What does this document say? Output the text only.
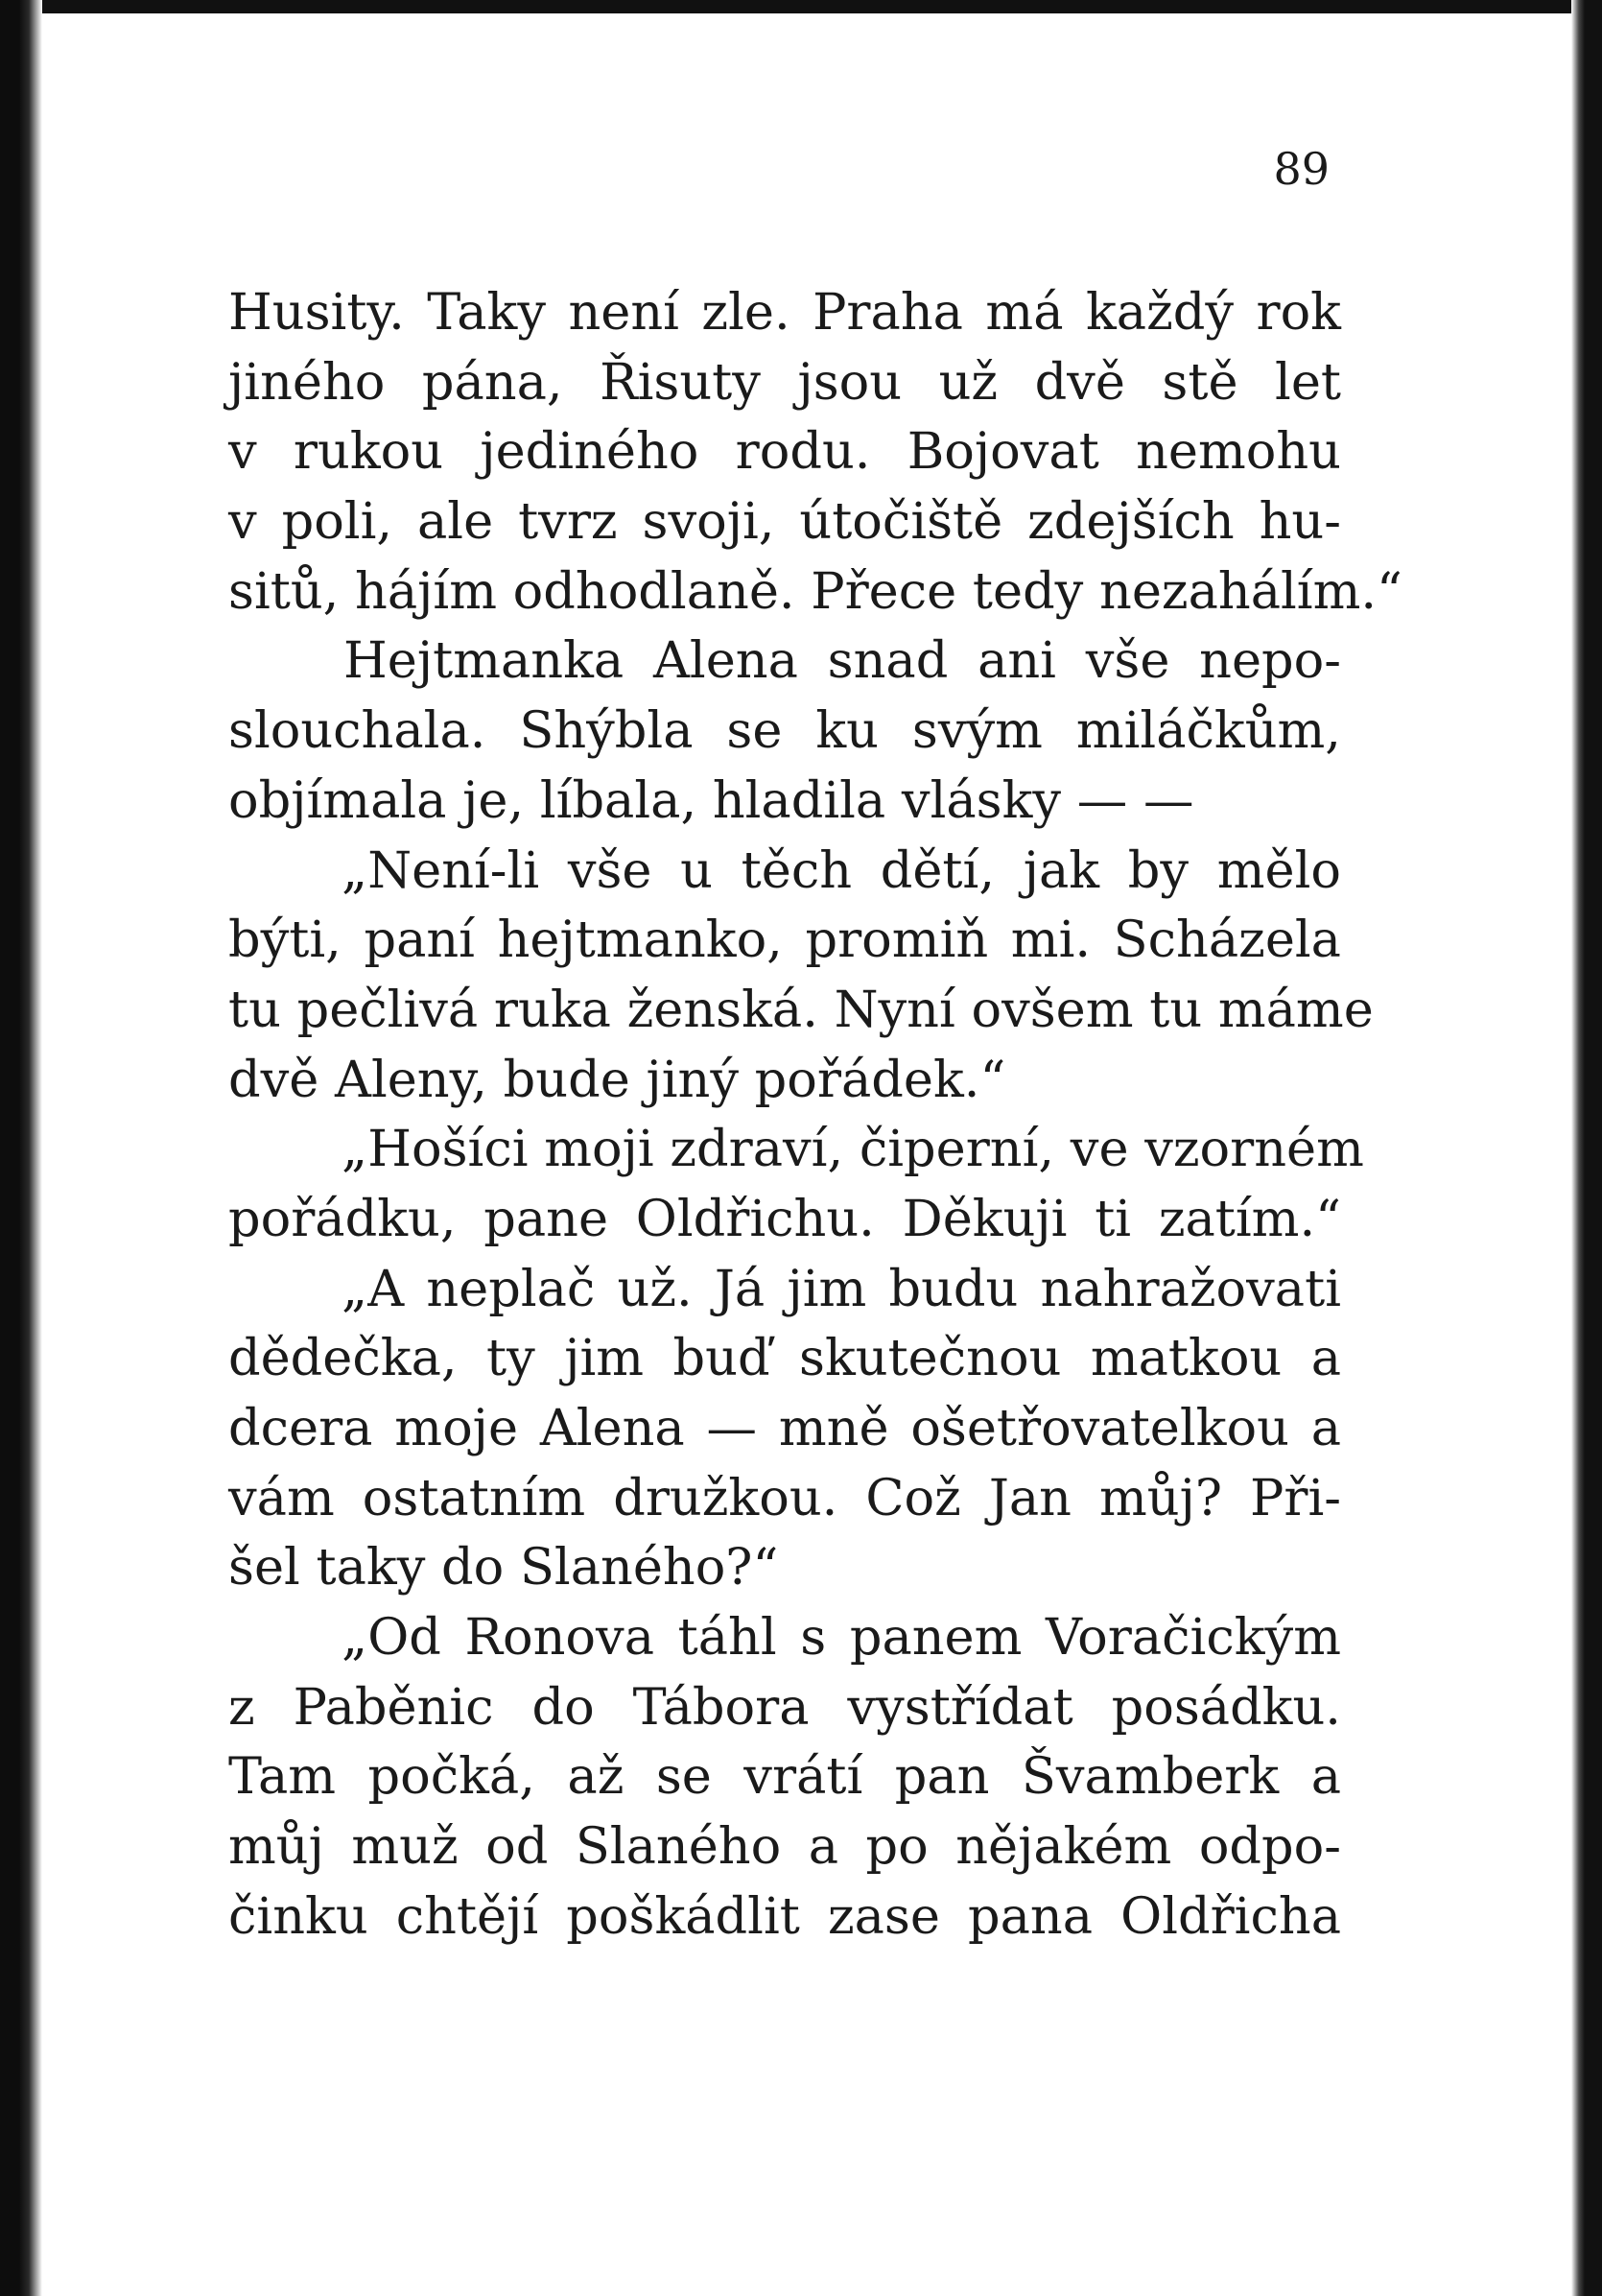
89
Husity. Taky není zle. Praha má každý rok
jiného pána, Řisuty jsou už dvě stě let
v rukou jediného rodu. Bojovat nemohu
v poli, ale tvrz svoji, útočiště zdejších hu-
sitů, hájím odhodlaně. Přece tedy nezahálím.“
Hejtmanka Alena snad ani vše nepo-
slouchala. Shýbla se ku svým miláčkům,
objímala je, líbala, hladila vlásky — —
„Není-li vše u těch dětí, jak by mělo
býti, paní hejtmanko, promiň mi. Scházela
tu pečlivá ruka ženská. Nyní ovšem tu máme
dvě Aleny, bude jiný pořádek.“
„Hošíci moji zdraví, čiperní, ve vzorném
pořádku, pane Oldřichu. Děkuji ti zatím.“
„A neplač už. Já jim budu nahražovati
dědečka, ty jim buď skutečnou matkou a
dcera moje Alena — mně ošetřovatelkou a
vám ostatním družkou. Což Jan můj? Při-
šel taky do Slaného?“
„Od Ronova táhl s panem Voračickým
z Paběnic do Tábora vystřídat posádku.
Tam počká, až se vrátí pan Švamberk a
můj muž od Slaného a po nějakém odpo-
činku chtějí poškádlit zase pana Oldřicha
